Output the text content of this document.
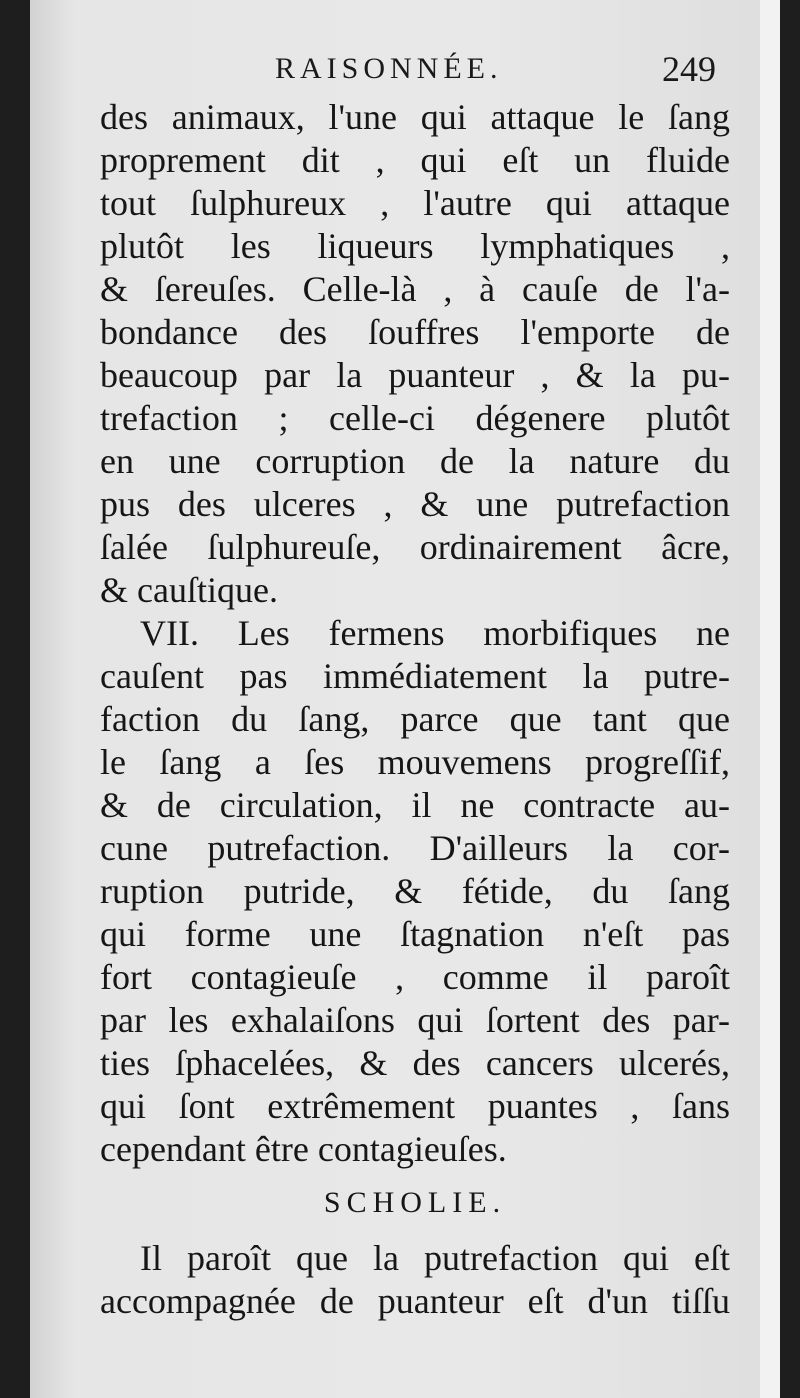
RAISONNÉE.	249
des animaux, l'une qui attaque le ſang
proprement dit , qui eſt un fluide
tout ſulphureux , l'autre qui attaque
plutôt les liqueurs lymphatiques ,
& ſereuſes. Celle-là , à cauſe de l'a-
bondance des ſouffres l'emporte de
beaucoup par la puanteur , & la pu-
trefaction ; celle-ci dégenere plutôt
en une corruption de la nature du
pus des ulceres , & une putrefaction
ſalée ſulphureuſe, ordinairement âcre,
& cauſtique.
VII. Les fermens morbifiques ne
cauſent pas immédiatement la putre-
faction du ſang, parce que tant que
le ſang a ſes mouvemens progreſſif,
& de circulation, il ne contracte au-
cune putrefaction. D'ailleurs la cor-
ruption putride, & fétide, du ſang
qui forme une ſtagnation n'eſt pas
fort contagieuſe , comme il paroît
par les exhalaiſons qui ſortent des par-
ties ſphacelées, & des cancers ulcerés,
qui ſont extrêmement puantes , ſans
cependant être contagieuſes.
SCHOLIE.
Il paroît que la putrefaction qui eſt
accompagnée de puanteur eſt d'un tiſſu
